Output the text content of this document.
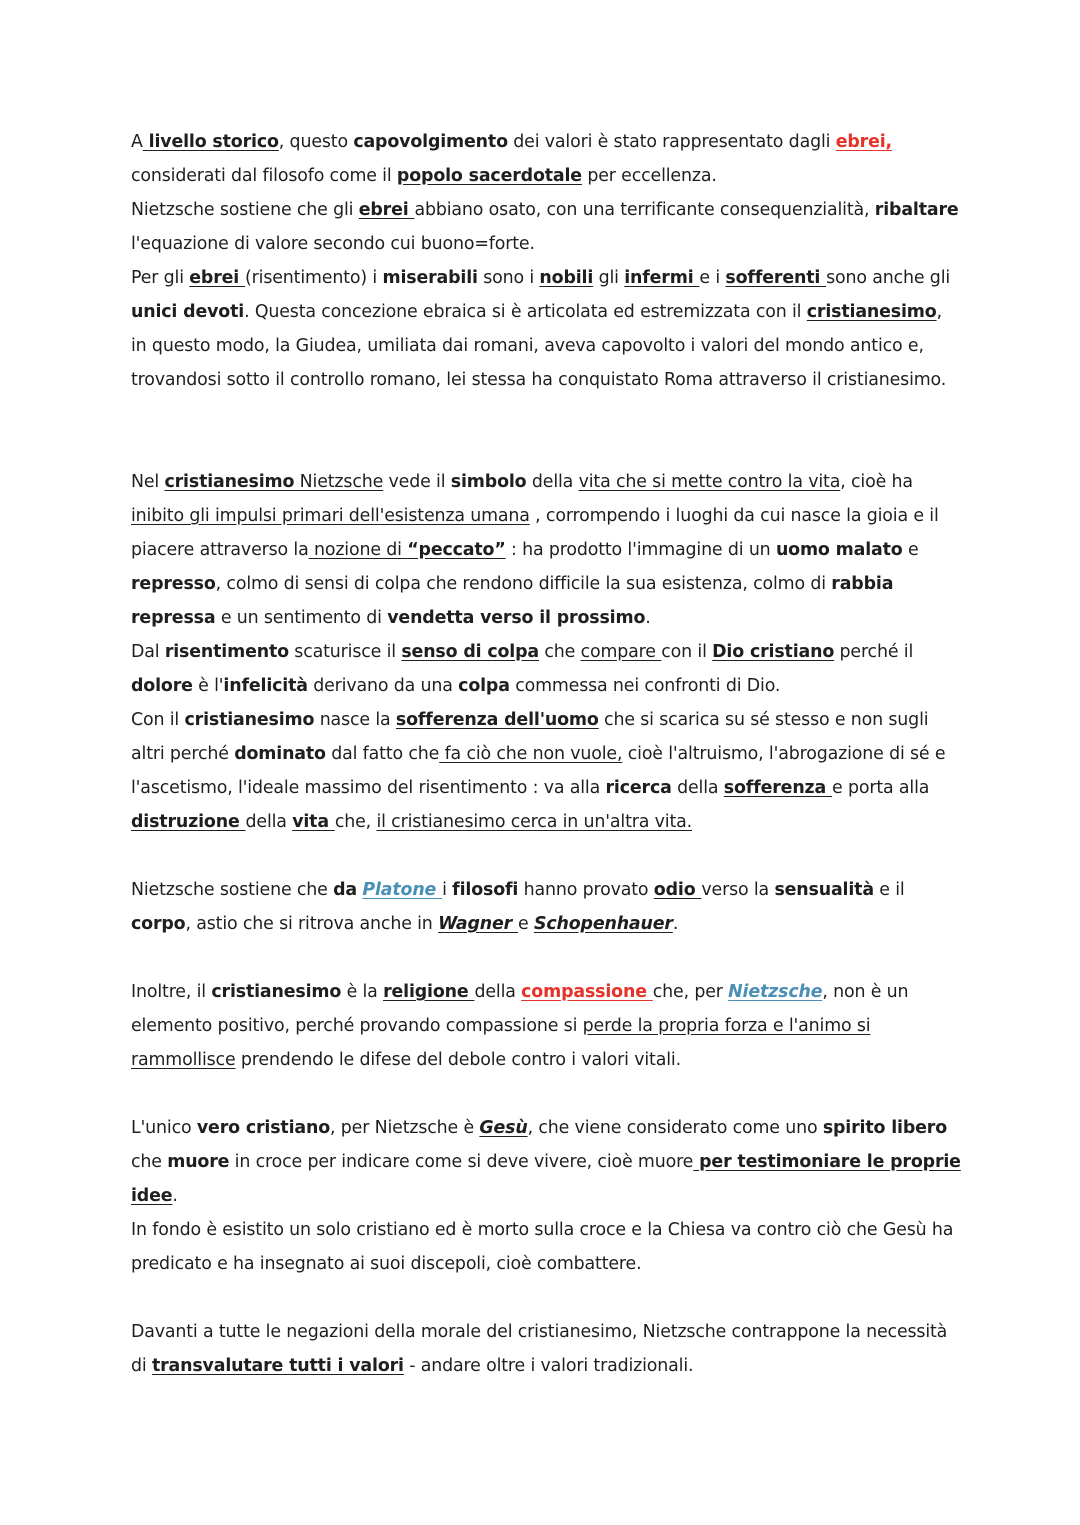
A livello storico, questo capovolgimento dei valori è stato rappresentato dagli ebrei, considerati dal filosofo come il popolo sacerdotale per eccellenza.
Nietzsche sostiene che gli ebrei abbiano osato, con una terrificante consequenzialità, ribaltare l'equazione di valore secondo cui buono=forte.
Per gli ebrei (risentimento) i miserabili sono i nobili gli infermi e i sofferenti sono anche gli unici devoti. Questa concezione ebraica si è articolata ed estremizzata con il cristianesimo, in questo modo, la Giudea, umiliata dai romani, aveva capovolto i valori del mondo antico e, trovandosi sotto il controllo romano, lei stessa ha conquistato Roma attraverso il cristianesimo.

Nel cristianesimo Nietzsche vede il simbolo della vita che si mette contro la vita, cioè ha inibito gli impulsi primari dell'esistenza umana , corrompendo i luoghi da cui nasce la gioia e il piacere attraverso la nozione di “peccato” : ha prodotto l'immagine di un uomo malato e represso, colmo di sensi di colpa che rendono difficile la sua esistenza, colmo di rabbia repressa e un sentimento di vendetta verso il prossimo.
Dal risentimento scaturisce il senso di colpa che compare con il Dio cristiano perché il dolore è l'infelicità derivano da una colpa commessa nei confronti di Dio.
Con il cristianesimo nasce la sofferenza dell'uomo che si scarica su sé stesso e non sugli altri perché dominato dal fatto che fa ciò che non vuole, cioè l'altruismo, l'abrogazione di sé e l'ascetismo, l'ideale massimo del risentimento : va alla ricerca della sofferenza e porta alla distruzione della vita che, il cristianesimo cerca in un'altra vita.

Nietzsche sostiene che da Platone i filosofi hanno provato odio verso la sensualità e il corpo, astio che si ritrova anche in Wagner e Schopenhauer.

Inoltre, il cristianesimo è la religione della compassione che, per Nietzsche, non è un elemento positivo, perché provando compassione si perde la propria forza e l'animo si rammollisce prendendo le difese del debole contro i valori vitali.

L'unico vero cristiano, per Nietzsche è Gesù, che viene considerato come uno spirito libero che muore in croce per indicare come si deve vivere, cioè muore per testimoniare le proprie idee.
In fondo è esistito un solo cristiano ed è morto sulla croce e la Chiesa va contro ciò che Gesù ha predicato e ha insegnato ai suoi discepoli, cioè combattere.

Davanti a tutte le negazioni della morale del cristianesimo, Nietzsche contrappone la necessità di transvalutare tutti i valori - andare oltre i valori tradizionali.
